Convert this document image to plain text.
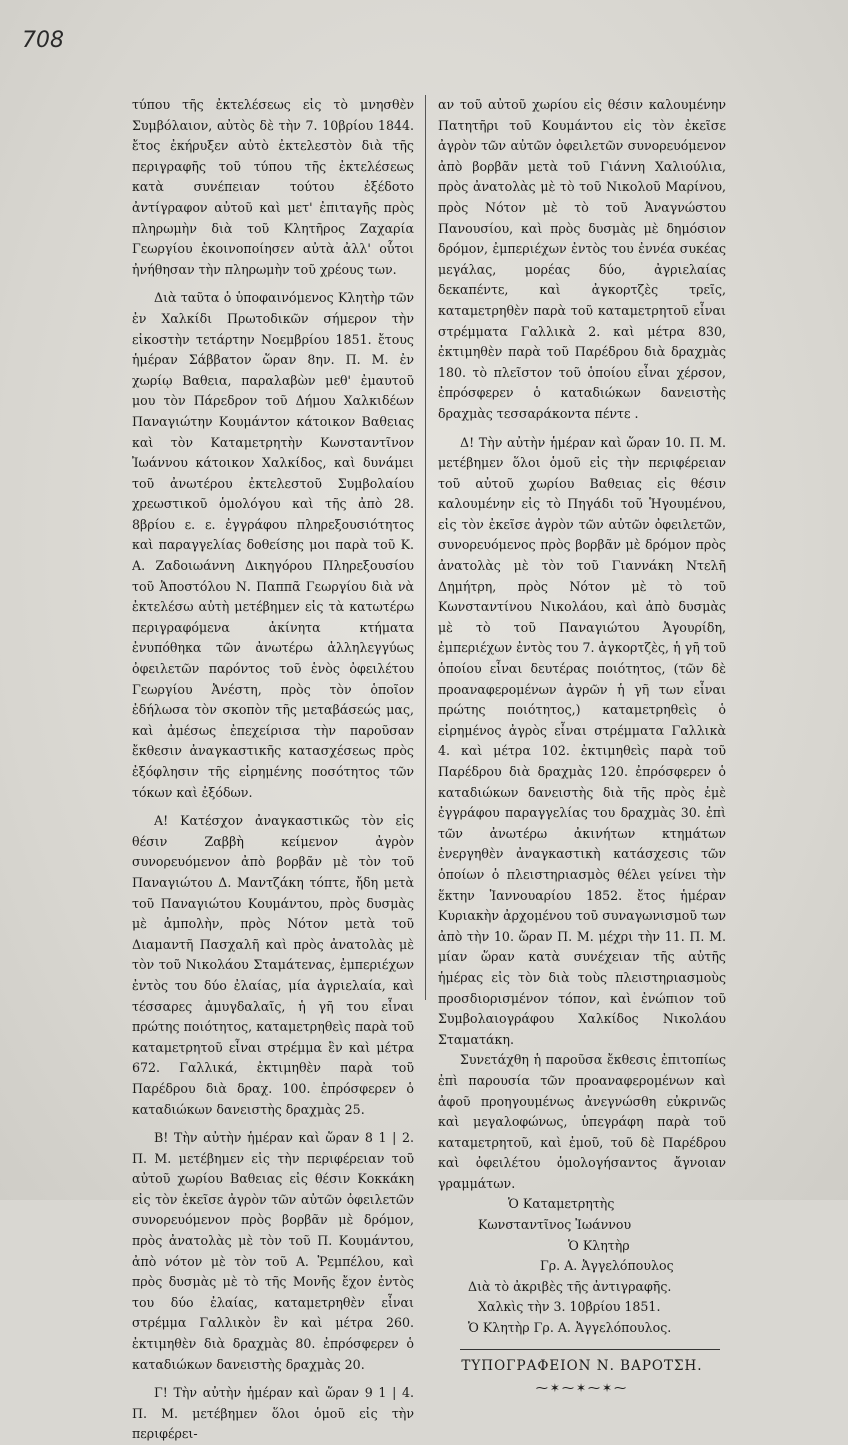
708

τύπου τῆς ἐκτελέσεως εἰς τὸ μνησθὲν Συμβόλαιον, αὐτὸς δὲ τὴν 7. 10βρίου 1844. ἔτος ἐκήρυξεν αὐτὸ ἐκτελεστὸν διὰ τῆς περιγραφῆς τοῦ τύπου τῆς ἐκτελέσεως κατὰ συνέπειαν τούτου ἐξέδοτο ἀντίγραφον αὐτοῦ καὶ μετ' ἐπιταγῆς πρὸς πληρωμὴν διὰ τοῦ Κλητῆρος Ζαχαρία Γεωργίου ἐκοινοποίησεν αὐτὰ ἀλλ' οὗτοι ἠνήθησαν τὴν πληρωμὴν τοῦ χρέους των.

Διὰ ταῦτα ὁ ὑποφαινόμενος Κλητὴρ τῶν ἐν Χαλκίδι Πρωτοδικῶν σήμερον τὴν εἰκοστὴν τετάρτην Νοεμβρίου 1851. ἔτους ἡμέραν Σάββατον ὥραν 8ην. Π. Μ. ἐν χωρίῳ Βαθεια, παραλαβὼν μεθ' ἐμαυτοῦ μου τὸν Πάρεδρον τοῦ Δήμου Χαλκιδέων Παναγιώτην Κουμάντον κάτοικον Βαθειας καὶ τὸν Καταμετρητὴν Κωνσταντῖνον Ἰωάννου κάτοικον Χαλκίδος, καὶ δυνάμει τοῦ ἀνωτέρου ἐκτελεστοῦ Συμβολαίου χρεωστικοῦ ὁμολόγου καὶ τῆς ἀπὸ 28. 8βρίου ε. ε. ἐγγράφου πληρεξουσιότητος καὶ παραγγελίας δοθείσης μοι παρὰ τοῦ Κ. Α. Ζαδοιωάννη Δικηγόρου Πληρεξουσίου τοῦ Ἀποστόλου Ν. Παππᾶ Γεωργίου διὰ νὰ ἐκτελέσω αὐτὴ μετέβημεν εἰς τὰ κατωτέρω περιγραφόμενα ἀκίνητα κτήματα ἐνυπόθηκα τῶν ἀνωτέρω ἀλληλεγγύως ὀφειλετῶν παρόντος τοῦ ἑνὸς ὀφειλέτου Γεωργίου Ἀνέστη, πρὸς τὸν ὁποῖον ἐδήλωσα τὸν σκοπὸν τῆς μεταβάσεώς μας, καὶ ἀμέσως ἐπεχείρισα τὴν παροῦσαν ἔκθεσιν ἀναγκαστικῆς κατασχέσεως πρὸς ἐξόφλησιν τῆς εἰρημένης ποσότητος τῶν τόκων καὶ ἐξόδων.

Α! Κατέσχον ἀναγκαστικῶς τὸν εἰς θέσιν Ζαββὴ κείμενον ἀγρὸν συνορευόμενον ἀπὸ βορβᾶν μὲ τὸν τοῦ Παναγιώτου Δ. Μαντζάκη τόπτε, ἤδη μετὰ τοῦ Παναγιώτου Κουμάντου, πρὸς δυσμὰς μὲ ἀμπολὴν, πρὸς Νότον μετὰ τοῦ Διαμαντῆ Πασχαλῆ καὶ πρὸς ἀνατολὰς μὲ τὸν τοῦ Νικολάου Σταμάτενας, ἐμπεριέχων ἐντὸς του δύο ἐλαίας, μία ἀγριελαία, καὶ τέσσαρες ἀμυγδαλαῖς, ἡ γῆ του εἶναι πρώτης ποιότητος, καταμετρηθεὶς παρὰ τοῦ καταμετρητοῦ εἶναι στρέμμα ἓν καὶ μέτρα 672. Γαλλικά, ἐκτιμηθὲν παρὰ τοῦ Παρέδρου διὰ δραχ. 100. ἐπρόσφερεν ὁ καταδιώκων δανειστὴς δραχμὰς 25.

Β! Τὴν αὐτὴν ἡμέραν καὶ ὥραν 8 1 | 2. Π. Μ. μετέβημεν εἰς τὴν περιφέρειαν τοῦ αὐτοῦ χωρίου Βαθειας εἰς θέσιν Κοκκάκη εἰς τὸν ἐκεῖσε ἀγρὸν τῶν αὐτῶν ὀφειλετῶν συνορευόμενον πρὸς βορβᾶν μὲ δρόμον, πρὸς ἀνατολὰς μὲ τὸν τοῦ Π. Κουμάντου, ἀπὸ νότον μὲ τὸν τοῦ Α. Ῥεμπέλου, καὶ πρὸς δυσμὰς μὲ τὸ τῆς Μονῆς ἔχον ἐντὸς του δύο ἐλαίας, καταμετρηθὲν εἶναι στρέμμα Γαλλικὸν ἓν καὶ μέτρα 260. ἐκτιμηθὲν διὰ δραχμὰς 80. ἐπρόσφερεν ὁ καταδιώκων δανειστὴς δραχμὰς 20.

Γ! Τὴν αὐτὴν ἡμέραν καὶ ὥραν 9 1 | 4. Π. Μ. μετέβημεν ὅλοι ὁμοῦ εἰς τὴν περιφέρει-

αν τοῦ αὐτοῦ χωρίου εἰς θέσιν καλουμένην Πατητῆρι τοῦ Κουμάντου εἰς τὸν ἐκεῖσε ἀγρὸν τῶν αὐτῶν ὀφειλετῶν συνορευόμενον ἀπὸ βορβᾶν μετὰ τοῦ Γιάννη Χαλιούλια, πρὸς ἀνατολὰς μὲ τὸ τοῦ Νικολοῦ Μαρίνου, πρὸς Νότον μὲ τὸ τοῦ Ἀναγνώστου Πανουσίου, καὶ πρὸς δυσμὰς μὲ δημόσιον δρόμον, ἐμπεριέχων ἐντὸς του ἐννέα συκέας μεγάλας, μορέας δύο, ἀγριελαίας δεκαπέντε, καὶ ἀγκορτζὲς τρεῖς, καταμετρηθὲν παρὰ τοῦ καταμετρητοῦ εἶναι στρέμματα Γαλλικὰ 2. καὶ μέτρα 830, ἐκτιμηθὲν παρὰ τοῦ Παρέδρου διὰ δραχμὰς 180. τὸ πλεῖστον τοῦ ὁποίου εἶναι χέρσον, ἐπρόσφερεν ὁ καταδιώκων δανειστὴς δραχμὰς τεσσαράκοντα πέντε .

Δ! Τὴν αὐτὴν ἡμέραν καὶ ὥραν 10. Π. Μ. μετέβημεν ὅλοι ὁμοῦ εἰς τὴν περιφέρειαν τοῦ αὐτοῦ χωρίου Βαθειας εἰς θέσιν καλουμένην εἰς τὸ Πηγάδι τοῦ Ἡγουμένου, εἰς τὸν ἐκεῖσε ἀγρὸν τῶν αὐτῶν ὀφειλετῶν, συνορευόμενος πρὸς βορβᾶν μὲ δρόμον πρὸς ἀνατολὰς μὲ τὸν τοῦ Γιαννάκη Ντελῆ Δημήτρη, πρὸς Νότον μὲ τὸ τοῦ Κωνσταντίνου Νικολάου, καὶ ἀπὸ δυσμὰς μὲ τὸ τοῦ Παναγιώτου Ἀγουρίδη, ἐμπεριέχων ἐντὸς του 7. ἀγκορτζὲς, ἡ γῆ τοῦ ὁποίου εἶναι δευτέρας ποιότητος, (τῶν δὲ προαναφερομένων ἀγρῶν ἡ γῆ των εἶναι πρώτης ποιότητος,) καταμετρηθεὶς ὁ εἰρημένος ἀγρὸς εἶναι στρέμματα Γαλλικὰ 4. καὶ μέτρα 102. ἐκτιμηθεὶς παρὰ τοῦ Παρέδρου διὰ δραχμὰς 120. ἐπρόσφερεν ὁ καταδιώκων δανειστὴς διὰ τῆς πρὸς ἐμὲ ἐγγράφου παραγγελίας του δραχμὰς 30. ἐπὶ τῶν ἀνωτέρω ἀκινήτων κτημάτων ἐνεργηθὲν ἀναγκαστικὴ κατάσχεσις τῶν ὁποίων ὁ πλειστηριασμὸς θέλει γείνει τὴν ἕκτην Ἰαννουαρίου 1852. ἔτος ἡμέραν Κυριακὴν ἀρχομένου τοῦ συναγωνισμοῦ των ἀπὸ τὴν 10. ὥραν Π. Μ. μέχρι τὴν 11. Π. Μ. μίαν ὥραν κατὰ συνέχειαν τῆς αὐτῆς ἡμέρας εἰς τὸν διὰ τοὺς πλειστηριασμοὺς προσδιορισμένον τόπον, καὶ ἐνώπιον τοῦ Συμβολαιογράφου Χαλκίδος Νικολάου Σταματάκη.

Συνετάχθη ἡ παροῦσα ἔκθεσις ἐπιτοπίως ἐπὶ παρουσία τῶν προαναφερομένων καὶ ἀφοῦ προηγουμένως ἀνεγνώσθη εὐκρινῶς καὶ μεγαλοφώνως, ὑπεγράφη παρὰ τοῦ καταμετρητοῦ, καὶ ἐμοῦ, τοῦ δὲ Παρέδρου καὶ ὀφειλέτου ὁμολογήσαντος ἄγνοιαν γραμμάτων.

Ὁ Καταμετρητὴς
Κωνσταντῖνος Ἰωάννου
Ὁ Κλητὴρ
Γρ. Α. Ἀγγελόπουλος
Διὰ τὸ ἀκριβὲς τῆς ἀντιγραφῆς.
Χαλκὶς τὴν 3. 10βρίου 1851.
Ὁ Κλητὴρ Γρ. Α. Ἀγγελόπουλος.
ΤΥΠΟΓΡΑΦΕΙΟΝ Ν. ΒΑΡΟΤΣΗ.
⁓✶⁓✶⁓✶⁓
